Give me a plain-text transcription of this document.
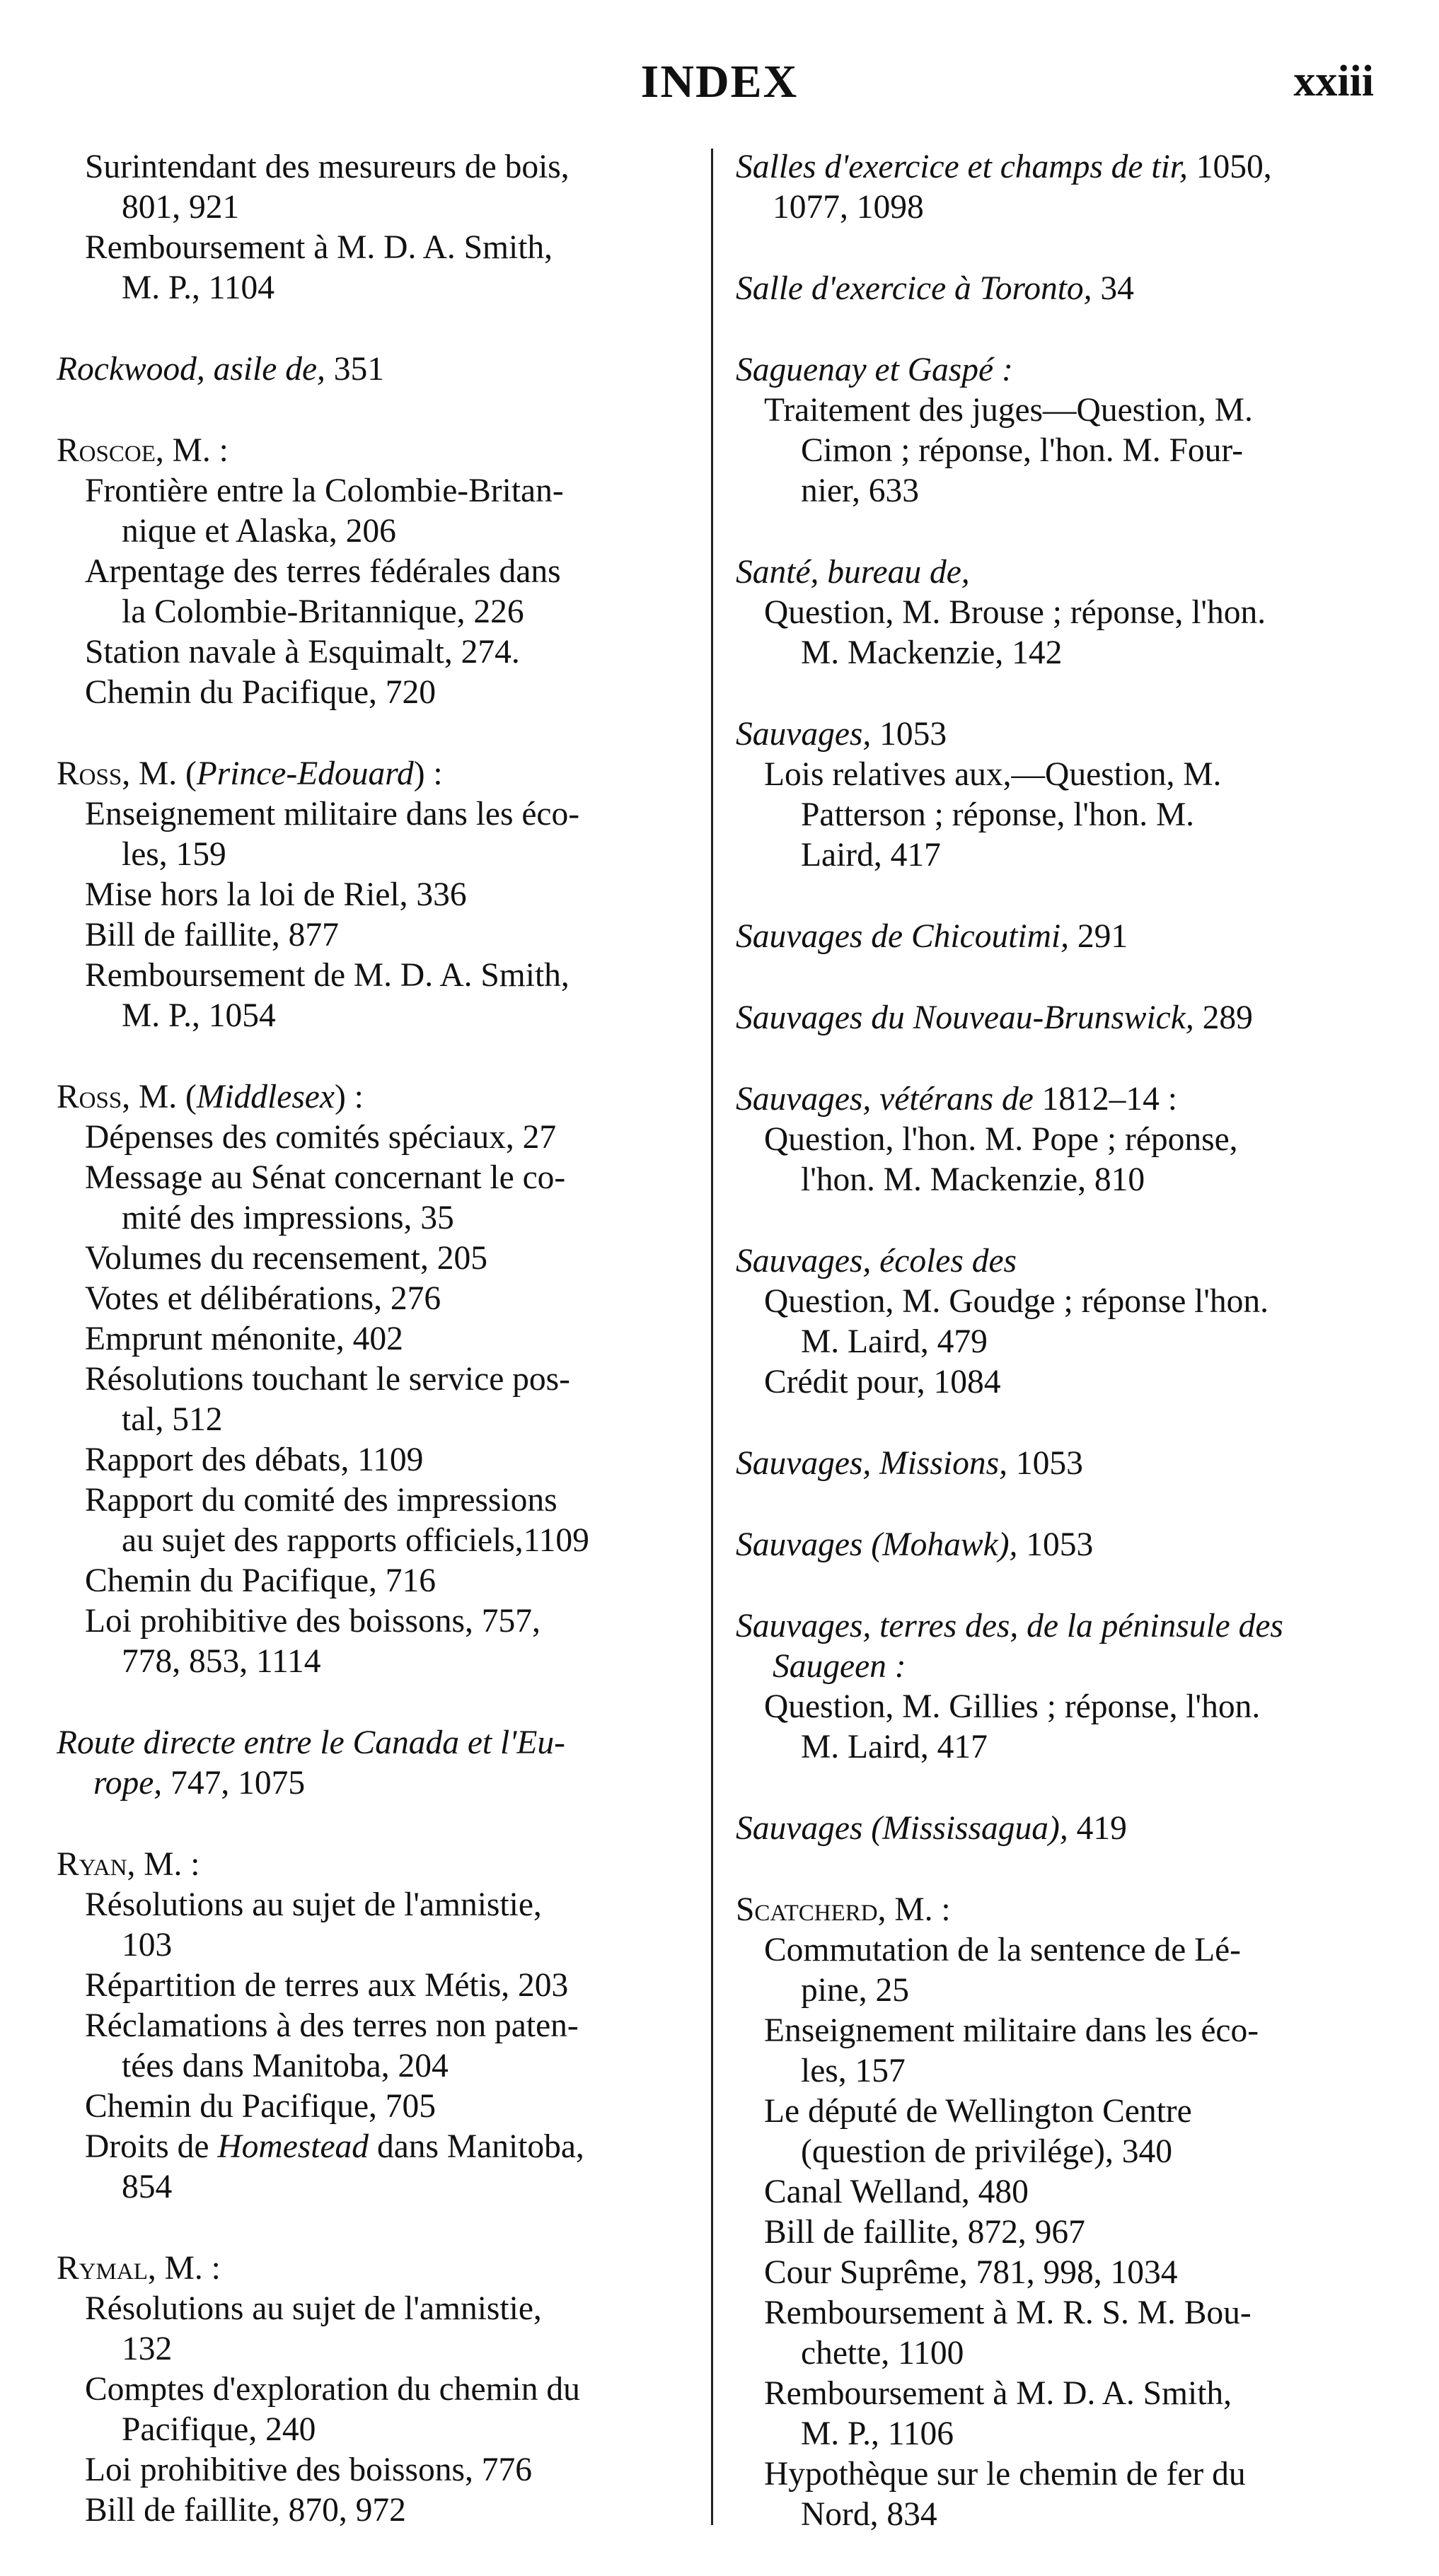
INDEX	xxiii
Surintendant des mesureurs de bois,
801, 921
Remboursement à M. D. A. Smith,
M. P., 1104
Rockwood, asile de, 351
Roscoe, M. :
Frontière entre la Colombie-Britan-
nique et Alaska, 206
Arpentage des terres fédérales dans
la Colombie-Britannique, 226
Station navale à Esquimalt, 274.
Chemin du Pacifique, 720
Ross, M. (Prince-Edouard) :
Enseignement militaire dans les éco-
les, 159
Mise hors la loi de Riel, 336
Bill de faillite, 877
Remboursement de M. D. A. Smith,
M. P., 1054
Ross, M. (Middlesex) :
Dépenses des comités spéciaux, 27
Message au Sénat concernant le co-
mité des impressions, 35
Volumes du recensement, 205
Votes et délibérations, 276
Emprunt ménonite, 402
Résolutions touchant le service pos-
tal, 512
Rapport des débats, 1109
Rapport du comité des impressions
au sujet des rapports officiels,1109
Chemin du Pacifique, 716
Loi prohibitive des boissons, 757,
778, 853, 1114
Route directe entre le Canada et l'Eu-
rope, 747, 1075
Ryan, M. :
Résolutions au sujet de l'amnistie,
103
Répartition de terres aux Métis, 203
Réclamations à des terres non paten-
tées dans Manitoba, 204
Chemin du Pacifique, 705
Droits de Homestead dans Manitoba,
854
Rymal, M. :
Résolutions au sujet de l'amnistie,
132
Comptes d'exploration du chemin du
Pacifique, 240
Loi prohibitive des boissons, 776
Bill de faillite, 870, 972
Salles d'exercice et champs de tir, 1050,
1077, 1098
Salle d'exercice à Toronto, 34
Saguenay et Gaspé :
Traitement des juges—Question, M.
Cimon ; réponse, l'hon. M. Four-
nier, 633
Santé, bureau de,
Question, M. Brouse ; réponse, l'hon.
M. Mackenzie, 142
Sauvages, 1053
Lois relatives aux,—Question, M.
Patterson ; réponse, l'hon. M.
Laird, 417
Sauvages de Chicoutimi, 291
Sauvages du Nouveau-Brunswick, 289
Sauvages, vétérans de 1812–14 :
Question, l'hon. M. Pope ; réponse,
l'hon. M. Mackenzie, 810
Sauvages, écoles des
Question, M. Goudge ; réponse l'hon.
M. Laird, 479
Crédit pour, 1084
Sauvages, Missions, 1053
Sauvages (Mohawk), 1053
Sauvages, terres des, de la péninsule des
Saugeen :
Question, M. Gillies ; réponse, l'hon.
M. Laird, 417
Sauvages (Mississagua), 419
Scatcherd, M. :
Commutation de la sentence de Lé-
pine, 25
Enseignement militaire dans les éco-
les, 157
Le député de Wellington Centre
(question de privilége), 340
Canal Welland, 480
Bill de faillite, 872, 967
Cour Suprême, 781, 998, 1034
Remboursement à M. R. S. M. Bou-
chette, 1100
Remboursement à M. D. A. Smith,
M. P., 1106
Hypothèque sur le chemin de fer du
Nord, 834
